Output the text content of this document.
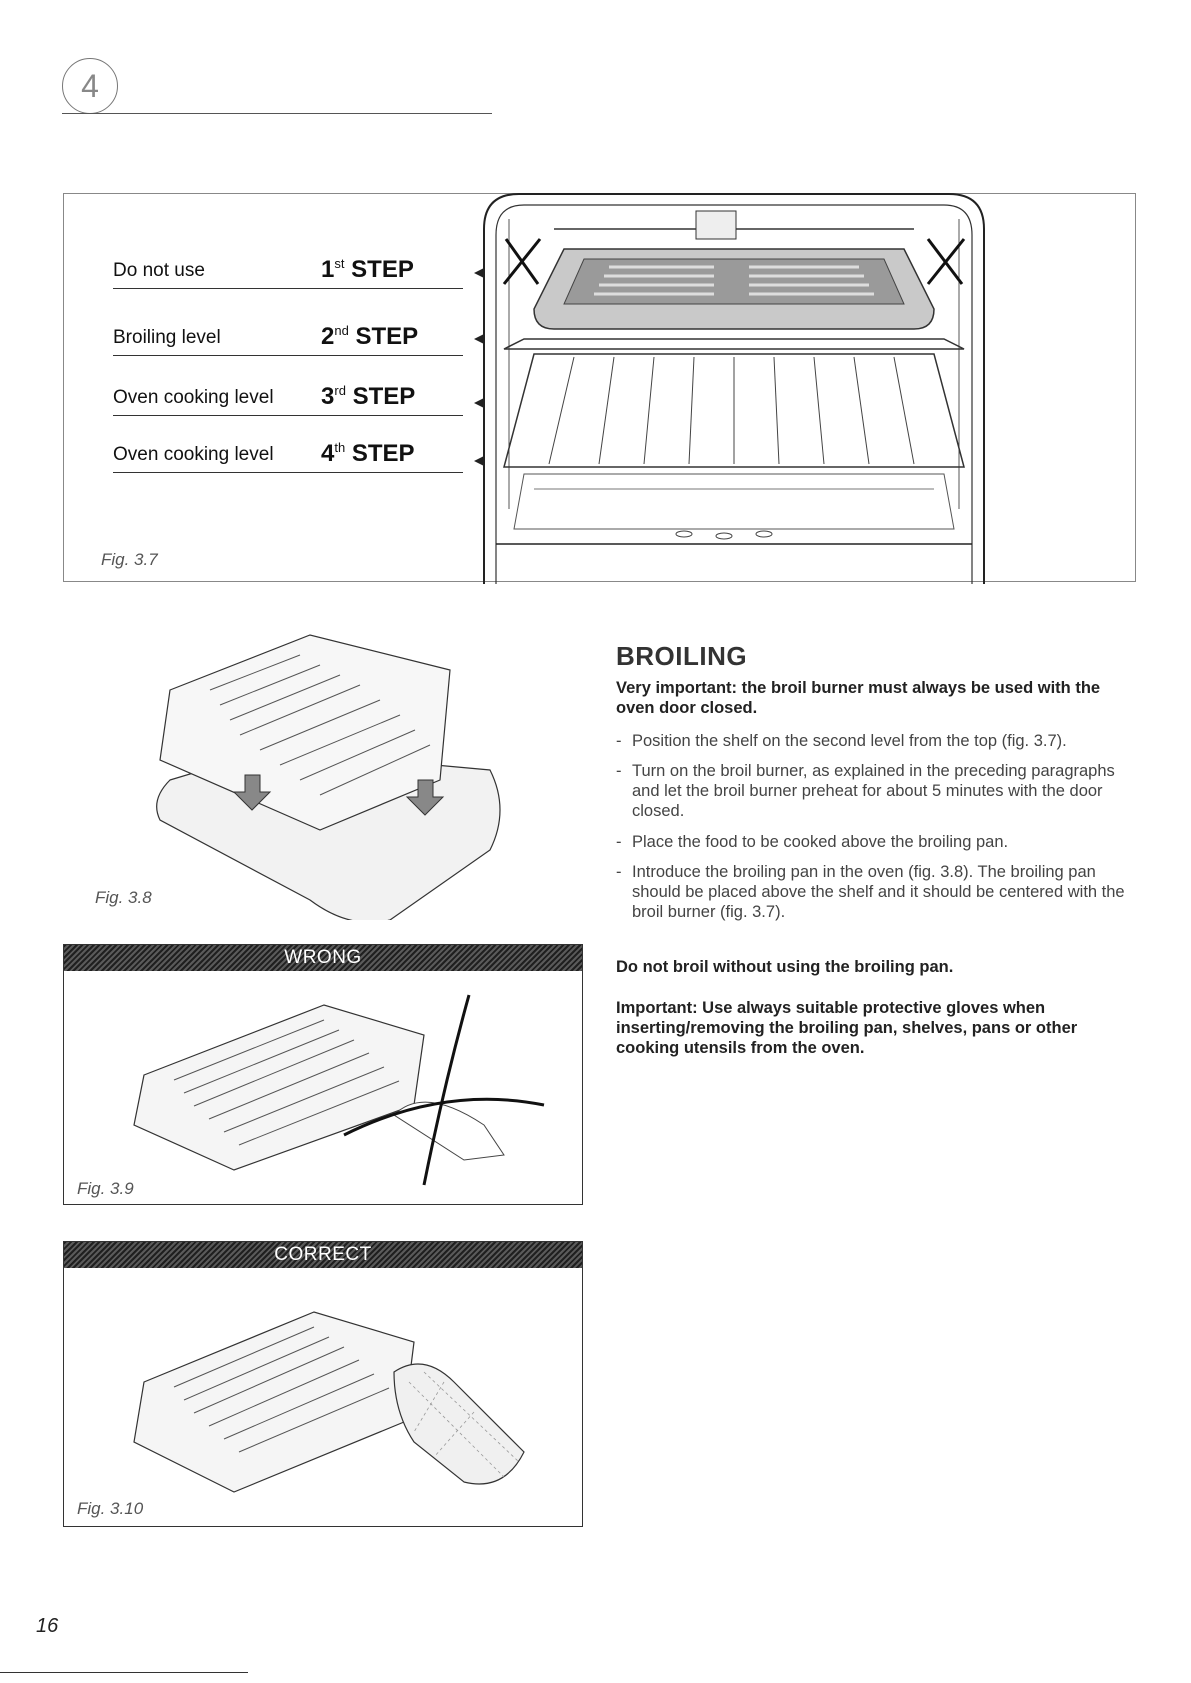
4
Do not use	1st STEP
Broiling level	2nd STEP
Oven cooking level 3rd STEP
Oven cooking level 4th STEP
Fig. 3.7
Fig. 3.8
WRONG
Fig. 3.9
CORRECT
Fig. 3.10
BROILING
Very important: the broil burner must always be used with the oven door closed.
- Position the shelf on the second level from the top (fig. 3.7).
- Turn on the broil burner, as explained in the preceding paragraphs and let the broil burner preheat for about 5 minutes with the door closed.
- Place the food to be cooked above the broiling pan.
- Introduce the broiling pan in the oven (fig. 3.8). The broiling pan should be placed above the shelf and it should be centered with the broil burner (fig. 3.7).
Do not broil without using the broiling pan.
Important: Use always suitable protective gloves when inserting/removing the broiling pan, shelves, pans or other cooking utensils from the oven.
16
